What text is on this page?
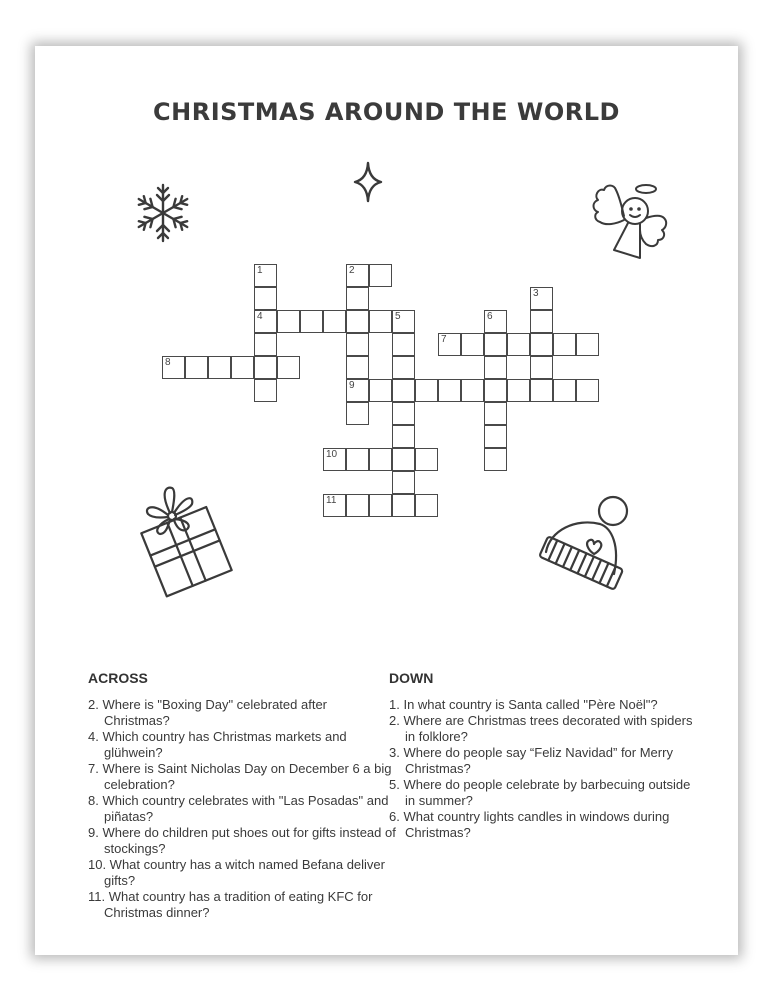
CHRISTMAS AROUND THE WORLD
1
4
2
9
3
5	6
7
8
10
11
ACROSS
2. Where is "Boxing Day" celebrated after Christmas?
4. Which country has Christmas markets and glühwein?
7. Where is Saint Nicholas Day on December 6 a big celebration?
8. Which country celebrates with "Las Posadas" and piñatas?
9. Where do children put shoes out for gifts instead of stockings?
10. What country has a witch named Befana deliver gifts?
11. What country has a tradition of eating KFC for Christmas dinner?
DOWN
1. In what country is Santa called "Père Noël"?
2. Where are Christmas trees decorated with spiders in folklore?
3. Where do people say “Feliz Navidad” for Merry Christmas?
5. Where do people celebrate by barbecuing outside in summer?
6. What country lights candles in windows during Christmas?
